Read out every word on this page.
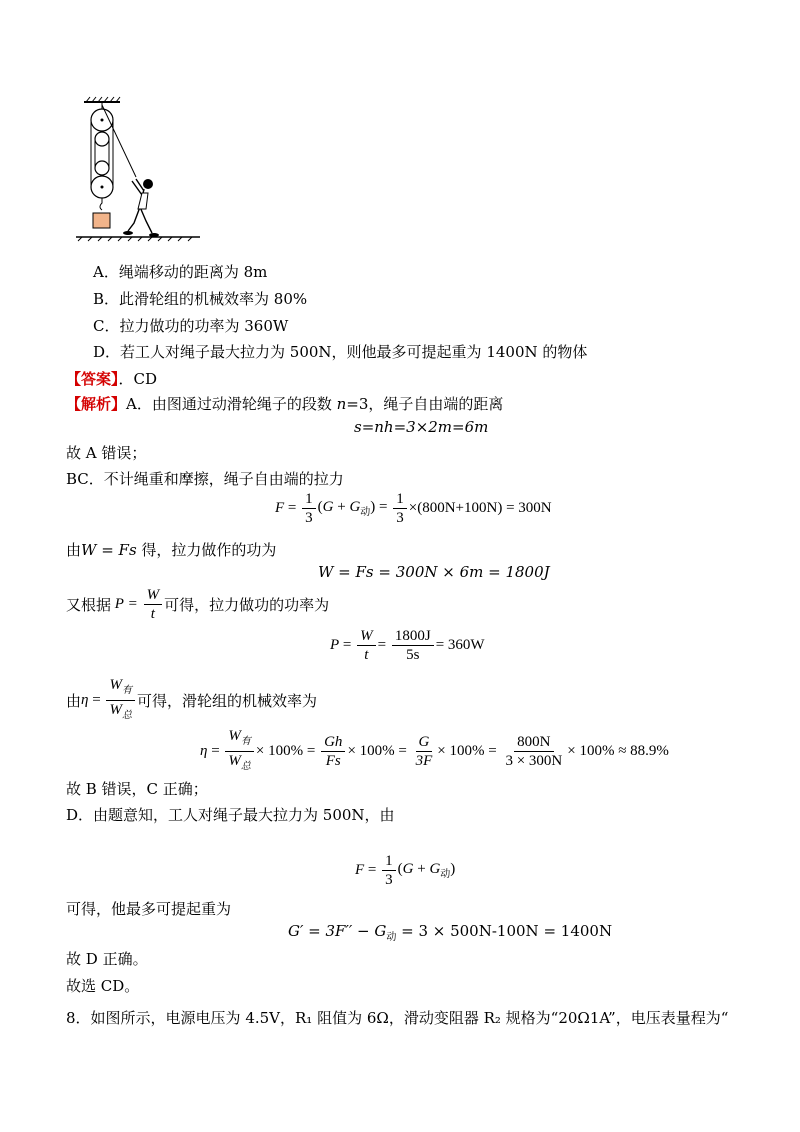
A．绳端移动的距离为 8m
B．此滑轮组的机械效率为 80%
C．拉力做功的功率为 360W
D．若工人对绳子最大拉力为 500N，则他最多可提起重为 1400N 的物体
【答案】．CD
【解析】A．由图通过动滑轮绳子的段数 n=3，绳子自由端的距离
s=nh=3×2m=6m
故 A 错误；
BC．不计绳重和摩擦，绳子自由端的拉力
$F = \frac{1}{3} (G + G_动) = \frac{1}{3} \times (800N+100N) = 300N$
由W = Fs 得，拉力做作的功为
W = Fs = 300N × 6m = 1800J
又根据 $P = \frac{W}{t}$ 可得，拉力做功的功率为
$P = \frac{W}{t} = \frac{1800J}{5s} = 360W$
由 $\eta = \frac{W_有}{W_总}$ 可得，滑轮组的机械效率为
$\eta = \frac{W_有}{W_总} \times 100\% = \frac{Gh}{Fs} \times 100\% = \frac{G}{3F} \times 100\% = \frac{800N}{3 \times 300N} \times 100\% \approx 88.9\%$
故 B 错误，C 正确；
D．由题意知，工人对绳子最大拉力为 500N，由
$F = \frac{1}{3} (G + G_动)$
可得，他最多可提起重为
$G' = 3F'' - G_动 = 3 \times 500N-100N = 1400N$
故 D 正确。
故选 CD。
8．如图所示，电源电压为 4.5V，R₁ 阻值为 6Ω，滑动变阻器 R₂ 规格为“20Ω1A”，电压表量程为“
